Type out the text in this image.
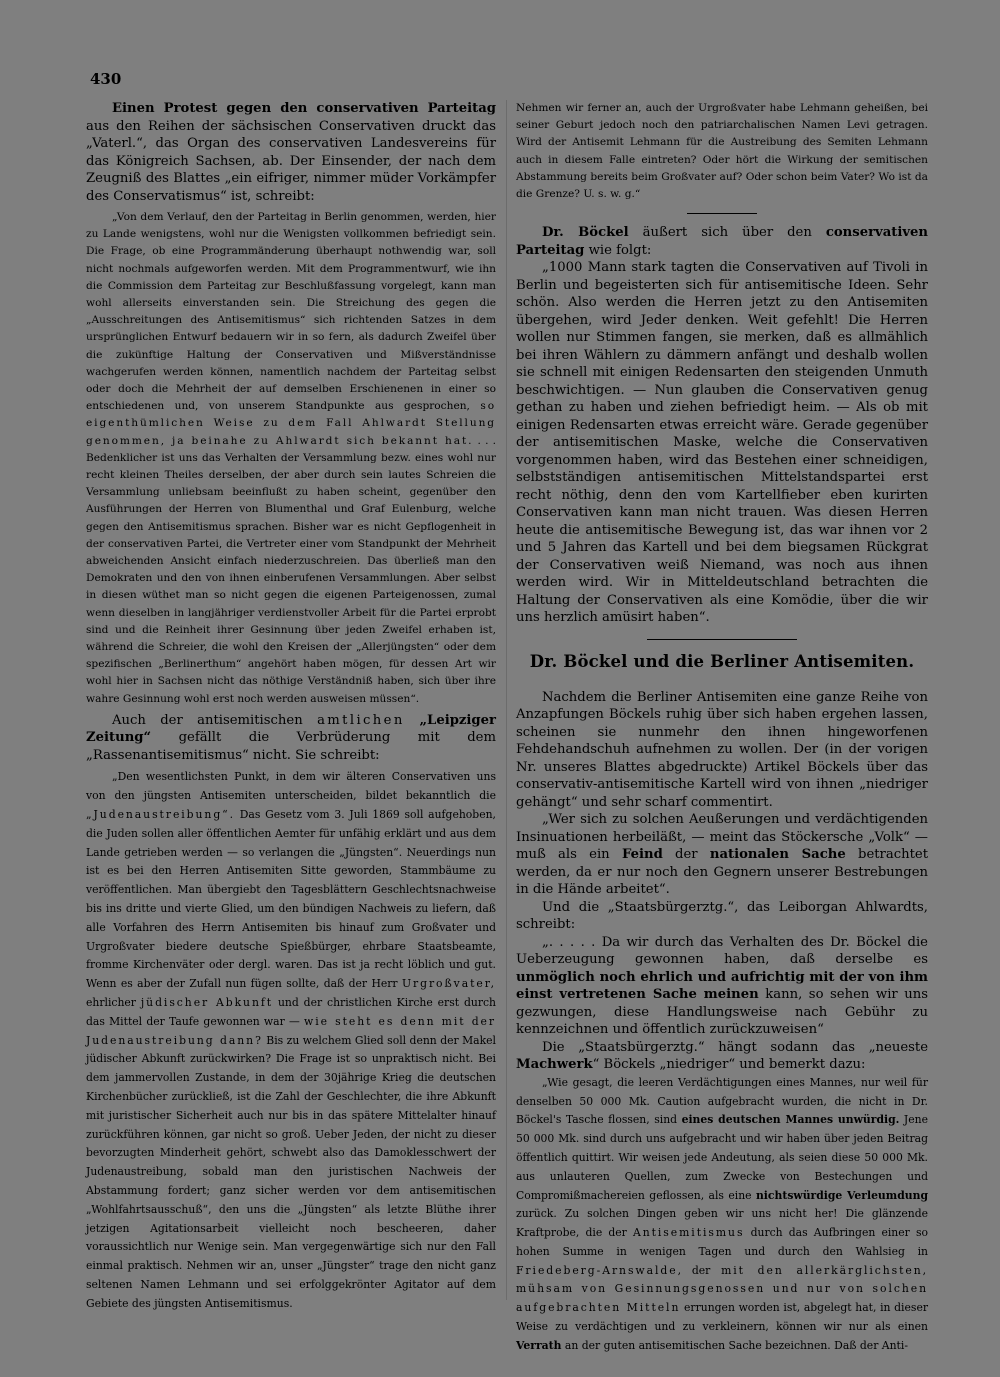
430

Einen Protest gegen den conservativen Parteitag aus den Reihen der sächsischen Conservativen druckt das „Vaterl.“, das Organ des conservativen Landesvereins für das Königreich Sachsen, ab. Der Einsender, der nach dem Zeugniß des Blattes „ein eifriger, nimmer müder Vorkämpfer des Conservatismus“ ist, schreibt:

„Von dem Verlauf, den der Parteitag in Berlin genommen, werden, hier zu Lande wenigstens, wohl nur die Wenigsten vollkommen befriedigt sein. Die Frage, ob eine Programmänderung überhaupt nothwendig war, soll nicht nochmals aufgeworfen werden. Mit dem Programmentwurf, wie ihn die Commission dem Parteitag zur Beschlußfassung vorgelegt, kann man wohl allerseits einverstanden sein. Die Streichung des gegen die „Ausschreitungen des Antisemitismus“ sich richtenden Satzes in dem ursprünglichen Entwurf bedauern wir in so fern, als dadurch Zweifel über die zukünftige Haltung der Conservativen und Mißverständnisse wachgerufen werden können, namentlich nachdem der Parteitag selbst oder doch die Mehrheit der auf demselben Erschienenen in einer so entschiedenen und, von unserem Standpunkte aus gesprochen, so eigenthümlichen Weise zu dem Fall Ahlwardt Stellung genommen, ja beinahe zu Ahlwardt sich bekannt hat. . . . Bedenklicher ist uns das Verhalten der Versammlung bezw. eines wohl nur recht kleinen Theiles derselben, der aber durch sein lautes Schreien die Versammlung unliebsam beeinflußt zu haben scheint, gegenüber den Ausführungen der Herren von Blumenthal und Graf Eulenburg, welche gegen den Antisemitismus sprachen. Bisher war es nicht Gepflogenheit in der conservativen Partei, die Vertreter einer vom Standpunkt der Mehrheit abweichenden Ansicht einfach niederzuschreien. Das überließ man den Demokraten und den von ihnen einberufenen Versammlungen. Aber selbst in diesen wüthet man so nicht gegen die eigenen Parteigenossen, zumal wenn dieselben in langjähriger verdienstvoller Arbeit für die Partei erprobt sind und die Reinheit ihrer Gesinnung über jeden Zweifel erhaben ist, während die Schreier, die wohl den Kreisen der „Allerjüngsten“ oder dem spezifischen „Berlinerthum“ angehört haben mögen, für dessen Art wir wohl hier in Sachsen nicht das nöthige Verständniß haben, sich über ihre wahre Gesinnung wohl erst noch werden ausweisen müssen“.

Auch der antisemitischen amtlichen „Leipziger Zeitung“ gefällt die Verbrüderung mit dem „Rassenantisemitismus“ nicht. Sie schreibt:

„Den wesentlichsten Punkt, in dem wir älteren Conservativen uns von den jüngsten Antisemiten unterscheiden, bildet bekanntlich die „Judenaustreibung“. Das Gesetz vom 3. Juli 1869 soll aufgehoben, die Juden sollen aller öffentlichen Aemter für unfähig erklärt und aus dem Lande getrieben werden — so verlangen die „Jüngsten“. Neuerdings nun ist es bei den Herren Antisemiten Sitte geworden, Stammbäume zu veröffentlichen. Man übergiebt den Tagesblättern Geschlechtsnachweise bis ins dritte und vierte Glied, um den bündigen Nachweis zu liefern, daß alle Vorfahren des Herrn Antisemiten bis hinauf zum Großvater und Urgroßvater biedere deutsche Spießbürger, ehrbare Staatsbeamte, fromme Kirchenväter oder dergl. waren. Das ist ja recht löblich und gut. Wenn es aber der Zufall nun fügen sollte, daß der Herr Urgroßvater, ehrlicher jüdischer Abkunft und der christlichen Kirche erst durch das Mittel der Taufe gewonnen war — wie steht es denn mit der Judenaustreibung dann? Bis zu welchem Glied soll denn der Makel jüdischer Abkunft zurückwirken? Die Frage ist so unpraktisch nicht. Bei dem jammervollen Zustande, in dem der 30jährige Krieg die deutschen Kirchenbücher zurückließ, ist die Zahl der Geschlechter, die ihre Abkunft mit juristischer Sicherheit auch nur bis in das spätere Mittelalter hinauf zurückführen können, gar nicht so groß. Ueber Jeden, der nicht zu dieser bevorzugten Minderheit gehört, schwebt also das Damoklesschwert der Judenaustreibung, sobald man den juristischen Nachweis der Abstammung fordert; ganz sicher werden vor dem antisemitischen „Wohlfahrtsausschuß“, den uns die „Jüngsten“ als letzte Blüthe ihrer jetzigen Agitationsarbeit vielleicht noch bescheeren, daher voraussichtlich nur Wenige sein. Man vergegenwärtige sich nur den Fall einmal praktisch. Nehmen wir an, unser „Jüngster“ trage den nicht ganz seltenen Namen Lehmann und sei erfolggekrönter Agitator auf dem Gebiete des jüngsten Antisemitismus.

Nehmen wir ferner an, auch der Urgroßvater habe Lehmann geheißen, bei seiner Geburt jedoch noch den patriarchalischen Namen Levi getragen. Wird der Antisemit Lehmann für die Austreibung des Semiten Lehmann auch in diesem Falle eintreten? Oder hört die Wirkung der semitischen Abstammung bereits beim Großvater auf? Oder schon beim Vater? Wo ist da die Grenze? U. s. w. g.“

Dr. Böckel äußert sich über den conservativen Parteitag wie folgt:

„1000 Mann stark tagten die Conservativen auf Tivoli in Berlin und begeisterten sich für antisemitische Ideen. Sehr schön. Also werden die Herren jetzt zu den Antisemiten übergehen, wird Jeder denken. Weit gefehlt! Die Herren wollen nur Stimmen fangen, sie merken, daß es allmählich bei ihren Wählern zu dämmern anfängt und deshalb wollen sie schnell mit einigen Redensarten den steigenden Unmuth beschwichtigen. — Nun glauben die Conservativen genug gethan zu haben und ziehen befriedigt heim. — Als ob mit einigen Redensarten etwas erreicht wäre. Gerade gegenüber der antisemitischen Maske, welche die Conservativen vorgenommen haben, wird das Bestehen einer schneidigen, selbstständigen antisemitischen Mittelstandspartei erst recht nöthig, denn den vom Kartellfieber eben kurirten Conservativen kann man nicht trauen. Was diesen Herren heute die antisemitische Bewegung ist, das war ihnen vor 2 und 5 Jahren das Kartell und bei dem biegsamen Rückgrat der Conservativen weiß Niemand, was noch aus ihnen werden wird. Wir in Mitteldeutschland betrachten die Haltung der Conservativen als eine Komödie, über die wir uns herzlich amüsirt haben“.

Dr. Böckel und die Berliner Antisemiten.

Nachdem die Berliner Antisemiten eine ganze Reihe von Anzapfungen Böckels ruhig über sich haben ergehen lassen, scheinen sie nunmehr den ihnen hingeworfenen Fehdehandschuh aufnehmen zu wollen. Der (in der vorigen Nr. unseres Blattes abgedruckte) Artikel Böckels über das conservativ-antisemitische Kartell wird von ihnen „niedriger gehängt“ und sehr scharf commentirt.

„Wer sich zu solchen Aeußerungen und verdächtigenden Insinuationen herbeiläßt, — meint das Stöckersche „Volk“ — muß als ein Feind der nationalen Sache betrachtet werden, da er nur noch den Gegnern unserer Bestrebungen in die Hände arbeitet“.

Und die „Staatsbürgerztg.“, das Leiborgan Ahlwardts, schreibt:

„. . . . . Da wir durch das Verhalten des Dr. Böckel die Ueberzeugung gewonnen haben, daß derselbe es unmöglich noch ehrlich und aufrichtig mit der von ihm einst vertretenen Sache meinen kann, so sehen wir uns gezwungen, diese Handlungsweise nach Gebühr zu kennzeichnen und öffentlich zurückzuweisen“

Die „Staatsbürgerztg.“ hängt sodann das „neueste Machwerk“ Böckels „niedriger“ und bemerkt dazu:

„Wie gesagt, die leeren Verdächtigungen eines Mannes, nur weil für denselben 50 000 Mk. Caution aufgebracht wurden, die nicht in Dr. Böckel's Tasche flossen, sind eines deutschen Mannes unwürdig. Jene 50 000 Mk. sind durch uns aufgebracht und wir haben über jeden Beitrag öffentlich quittirt. Wir weisen jede Andeutung, als seien diese 50 000 Mk. aus unlauteren Quellen, zum Zwecke von Bestechungen und Compromißmachereien geflossen, als eine nichtswürdige Verleumdung zurück. Zu solchen Dingen geben wir uns nicht her! Die glänzende Kraftprobe, die der Antisemitismus durch das Aufbringen einer so hohen Summe in wenigen Tagen und durch den Wahlsieg in Friedeberg-Arnswalde, der mit den allerkärglichsten, mühsam von Gesinnungsgenossen und nur von solchen aufgebrachten Mitteln errungen worden ist, abgelegt hat, in dieser Weise zu verdächtigen und zu verkleinern, können wir nur als einen Verrath an der guten antisemitischen Sache bezeichnen. Daß der Anti-
